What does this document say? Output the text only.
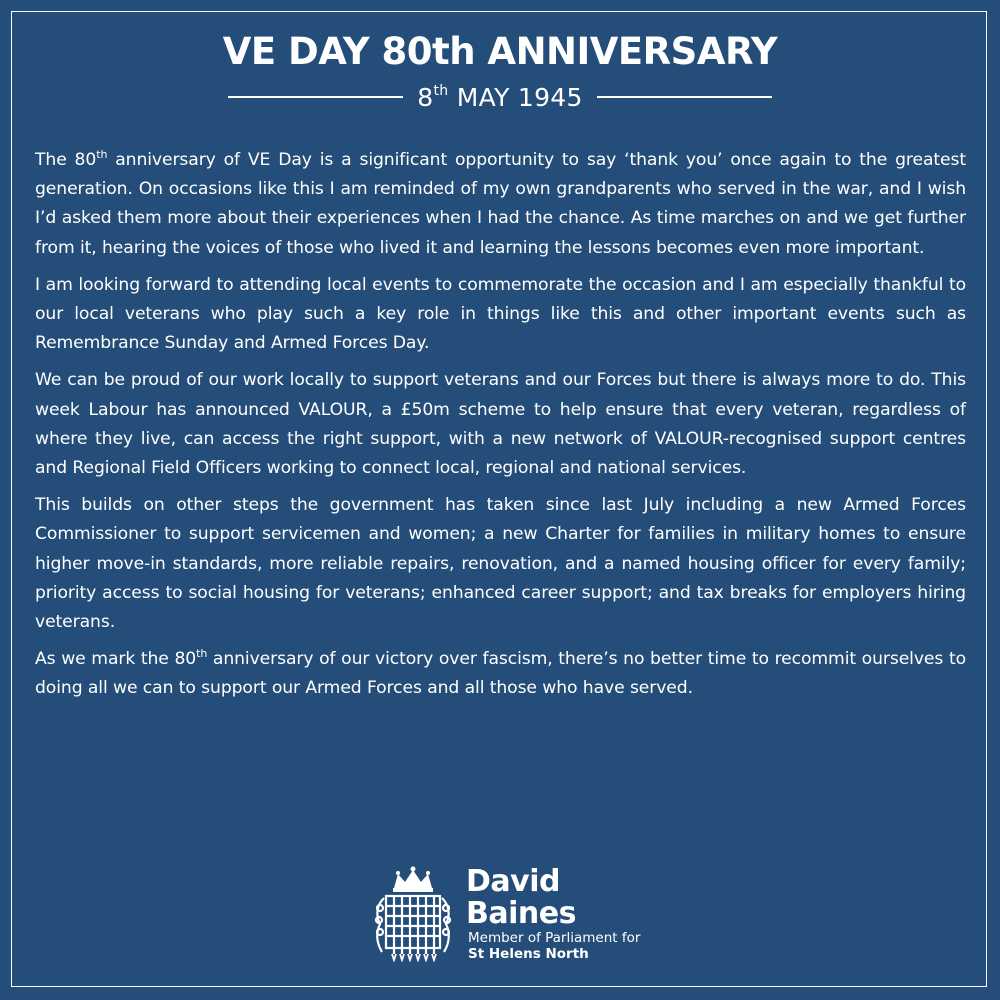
VE DAY 80th ANNIVERSARY
8th MAY 1945

The 80th anniversary of VE Day is a significant opportunity to say ‘thank you’ once again to the greatest generation. On occasions like this I am reminded of my own grandparents who served in the war, and I wish I’d asked them more about their experiences when I had the chance. As time marches on and we get further from it, hearing the voices of those who lived it and learning the lessons becomes even more important.

I am looking forward to attending local events to commemorate the occasion and I am especially thankful to our local veterans who play such a key role in things like this and other important events such as Remembrance Sunday and Armed Forces Day.

We can be proud of our work locally to support veterans and our Forces but there is always more to do. This week Labour has announced VALOUR, a £50m scheme to help ensure that every veteran, regardless of where they live, can access the right support, with a new network of VALOUR-recognised support centres and Regional Field Officers working to connect local, regional and national services.

This builds on other steps the government has taken since last July including a new Armed Forces Commissioner to support servicemen and women; a new Charter for families in military homes to ensure higher move-in standards, more reliable repairs, renovation, and a named housing officer for every family; priority access to social housing for veterans; enhanced career support; and tax breaks for employers hiring veterans.

As we mark the 80th anniversary of our victory over fascism, there’s no better time to recommit ourselves to doing all we can to support our Armed Forces and all those who have served.

David
Baines
Member of Parliament for
St Helens North
